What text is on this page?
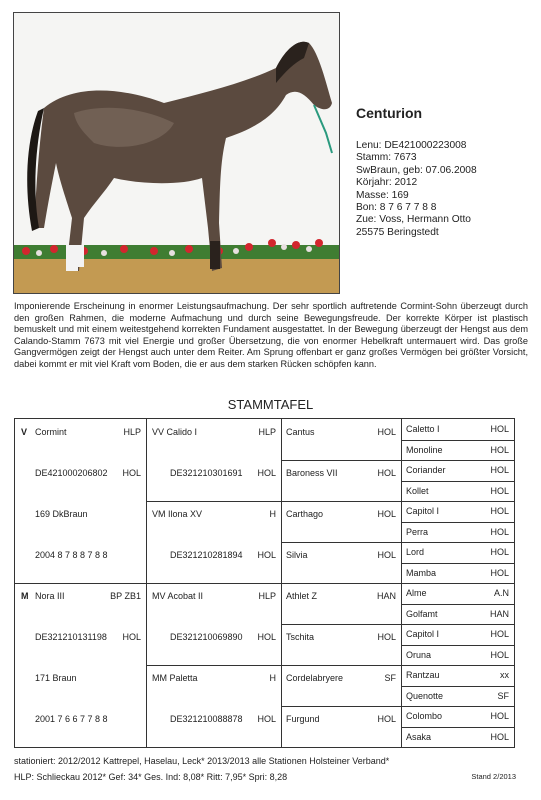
Centurion
Lenu: DE421000223008
Stamm: 7673
SwBraun, geb: 07.06.2008
Körjahr: 2012
Masse: 169
Bon: 8 7 6 7 7 8 8
Zue: Voss, Hermann Otto
25575 Beringstedt
Imponierende Erscheinung in enormer Leistungsaufmachung. Der sehr sportlich auftretende Cormint-Sohn überzeugt durch den großen Rahmen, die moderne Aufmachung und durch seine Bewegungsfreude. Der korrekte Körper ist plastisch bemuskelt und mit einem weitestgehend korrekten Fundament ausgestattet. In der Bewegung überzeugt der Hengst aus dem Calando-Stamm 7673 mit viel Energie und großer Übersetzung, die von enormer Hebelkraft untermauert wird. Das große Gangvermögen zeigt der Hengst auch unter dem Reiter. Am Sprung offenbart er ganz großes Vermögen bei größter Vorsicht, dabei kommt er mit viel Kraft vom Boden, die er aus dem starken Rücken schöpfen kann.
STAMMTAFEL
V Cormint	HLP
DE421000206802 HOL
169 DkBraun
2004 8 7 8 8 7 8 8
M Nora III	BP ZB1
DE321210131198 HOL
171 Braun
2001 7 6 6 7 7 8 8
VV Calido I	HLP
DE321210301691 HOL
VM Ilona XV	H
DE321210281894 HOL
MV Acobat II	HLP
DE321210069890 HOL
MM Paletta	H
DE321210088878 HOL
Cantus	HOL
Baroness VII	HOL
Carthago	HOL
Silvia	HOL
Athlet Z	HAN
Tschita	HOL
Cordelabryere	SF
Furgund	HOL
Caletto I	HOL
Monoline	HOL
Coriander	HOL
Kollet	HOL
Capitol I	HOL
Perra	HOL
Lord	HOL
Mamba	HOL
Alme	A.N
Golfamt	HAN
Capitol I	HOL
Oruna	HOL
Rantzau	xx
Quenotte	SF
Colombo	HOL
Asaka	HOL
stationiert: 2012/2012 Kattrepel, Haselau, Leck* 2013/2013 alle Stationen Holsteiner Verband*
HLP: Schlieckau 2012* Gef: 34* Ges. Ind: 8,08* Ritt: 7,95* Spri: 8,28	Stand 2/2013
